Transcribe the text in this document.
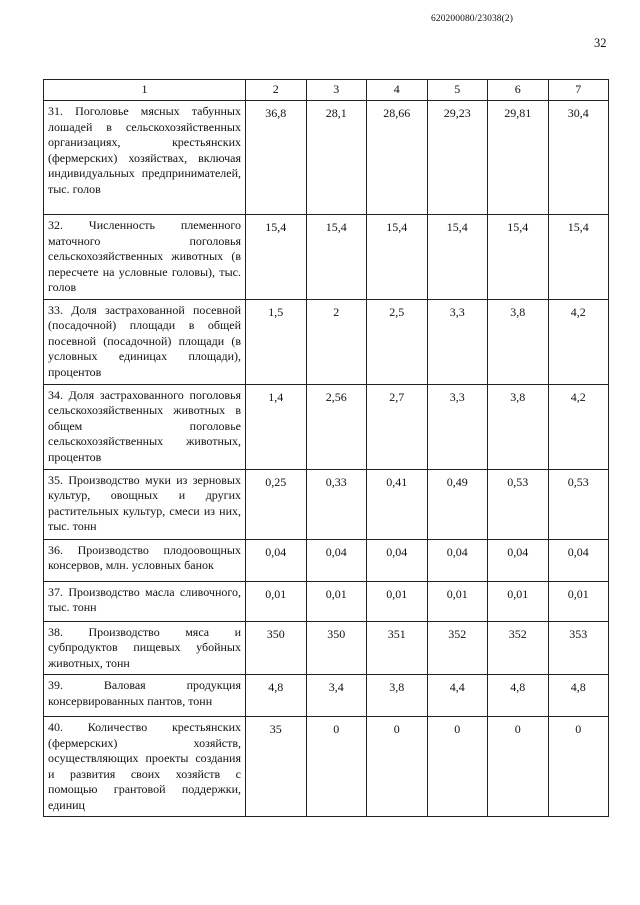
620200080/23038(2)
32
1	2	3	4	5	6	7
31. Поголовье мясных табунных лошадей в сельскохозяйственных организациях, крестьянских (фермерских) хозяйствах, включая индивидуальных предпринимателей, тыс. голов	36,8	28,1	28,66	29,23	29,81	30,4
32. Численность племенного маточного поголовья сельскохозяйственных животных (в пересчете на условные головы), тыс. голов	15,4	15,4	15,4	15,4	15,4	15,4
33. Доля застрахованной посевной (посадочной) площади в общей посевной (посадочной) площади (в условных единицах площади), процентов	1,5	2	2,5	3,3	3,8	4,2
34. Доля застрахованного поголовья сельскохозяйственных животных в общем поголовье сельскохозяйственных животных, процентов	1,4	2,56	2,7	3,3	3,8	4,2
35. Производство муки из зерновых культур, овощных и других растительных культур, смеси из них, тыс. тонн	0,25	0,33	0,41	0,49	0,53	0,53
36. Производство плодоовощных консервов, млн. условных банок	0,04	0,04	0,04	0,04	0,04	0,04
37. Производство масла сливочного, тыс. тонн	0,01	0,01	0,01	0,01	0,01	0,01
38. Производство мяса и субпродуктов пищевых убойных животных, тонн	350	350	351	352	352	353
39. Валовая продукция консервированных пантов, тонн	4,8	3,4	3,8	4,4	4,8	4,8
40. Количество крестьянских (фермерских) хозяйств, осуществляющих проекты создания и развития своих хозяйств с помощью грантовой поддержки, единиц	35	0	0	0	0	0
